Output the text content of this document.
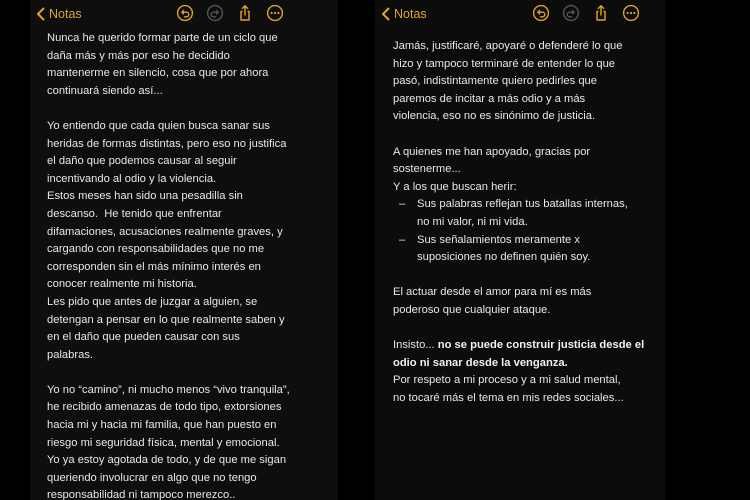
Notas
Nunca he querido formar parte de un ciclo que
daña más y más por eso he decidido
mantenerme en silencio, cosa que por ahora
continuará siendo así...
Yo entiendo que cada quien busca sanar sus
heridas de formas distintas, pero eso no justifica
el daño que podemos causar al seguir
incentivando al odio y la violencia.
Estos meses han sido una pesadilla sin
descanso.  He tenido que enfrentar
difamaciones, acusaciones realmente graves, y
cargando con responsabilidades que no me
corresponden sin el más mínimo interés en
conocer realmente mi historia.
Les pido que antes de juzgar a alguien, se
detengan a pensar en lo que realmente saben y
en el daño que pueden causar con sus
palabras.
Yo no “camino”, ni mucho menos “vivo tranquila”,
he recibido amenazas de todo tipo, extorsiones
hacia mi y hacia mi familia, que han puesto en
riesgo mi seguridad física, mental y emocional.
Yo ya estoy agotada de todo, y de que me sigan
queriendo involucrar en algo que no tengo
responsabilidad ni tampoco merezco..
Notas
Jamás, justificaré, apoyaré o defenderé lo que
hizo y tampoco terminaré de entender lo que
pasó, indistintamente quiero pedirles que
paremos de incitar a más odio y a más
violencia, eso no es sinónimo de justicia.
A quienes me han apoyado, gracias por
sostenerme...
Y a los que buscan herir:
–	Sus palabras reflejan tus batallas internas,
no mi valor, ni mi vida.
–	Sus señalamientos meramente x
suposiciones no definen quién soy.
El actuar desde el amor para mí es más
poderoso que cualquier ataque.
Insisto... no se puede construir justicia desde el
odio ni sanar desde la venganza.
Por respeto a mi proceso y a mi salud mental,
no tocaré más el tema en mis redes sociales...
